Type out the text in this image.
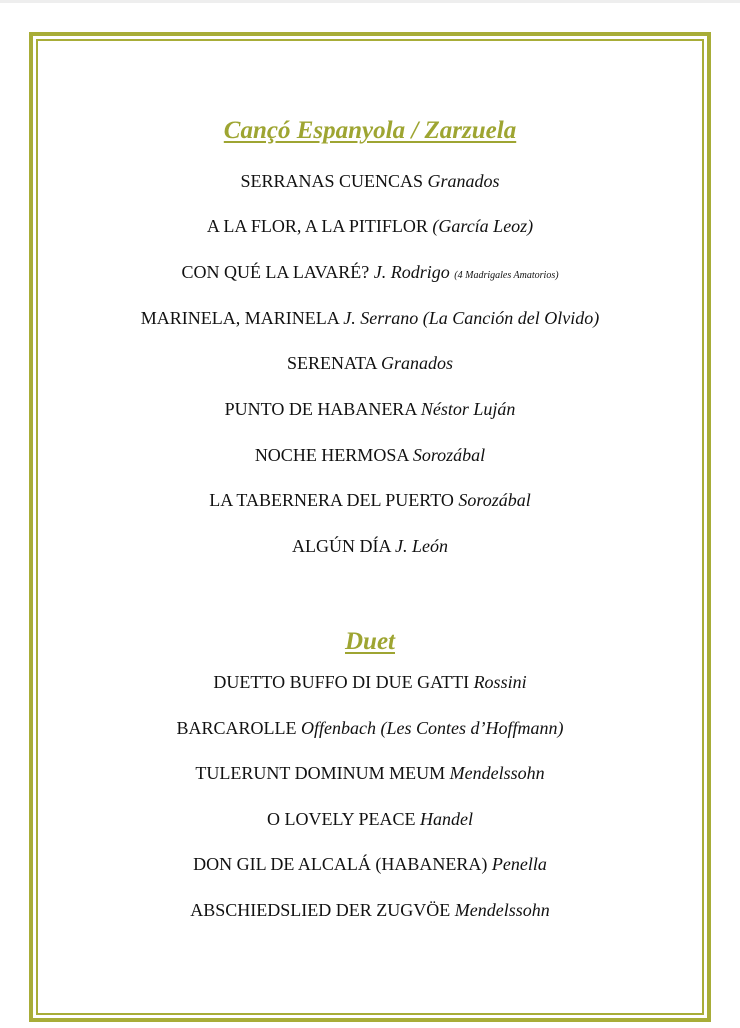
Cançó Espanyola / Zarzuela
SERRANAS CUENCAS Granados
A LA FLOR, A LA PITIFLOR (García Leoz)
CON QUÉ LA LAVARÉ? J. Rodrigo (4 Madrigales Amatorios)
MARINELA, MARINELA J. Serrano (La Canción del Olvido)
SERENATA Granados
PUNTO DE HABANERA Néstor Luján
NOCHE HERMOSA Sorozábal
LA TABERNERA DEL PUERTO Sorozábal
ALGÚN DÍA J. León
Duet
DUETTO BUFFO DI DUE GATTI Rossini
BARCAROLLE Offenbach (Les Contes d’Hoffmann)
TULERUNT DOMINUM MEUM Mendelssohn
O LOVELY PEACE Handel
DON GIL DE ALCALÁ (HABANERA) Penella
ABSCHIEDSLIED DER ZUGVÖE Mendelssohn
